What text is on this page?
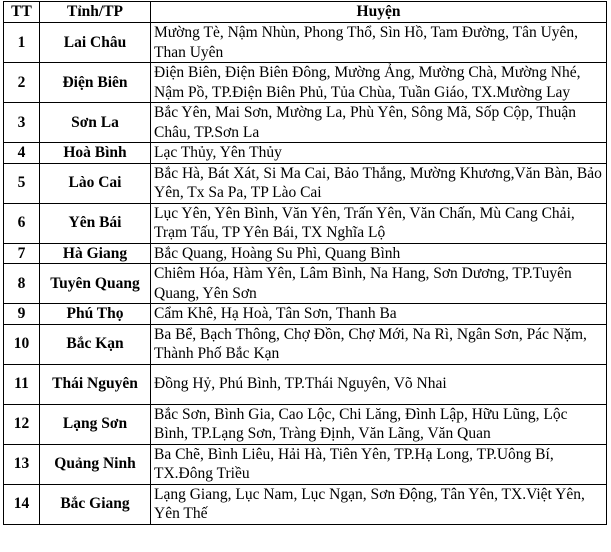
TT	Tỉnh/TP	Huyện
1	Lai Châu	Mường Tè, Nậm Nhùn, Phong Thổ, Sìn Hồ, Tam Đường, Tân Uyên, Than Uyên
2	Điện Biên	Điện Biên, Điện Biên Đông, Mường Ảng, Mường Chà, Mường Nhé, Nậm Pồ, TP.Điện Biên Phủ, Tủa Chùa, Tuần Giáo, TX.Mường Lay
3	Sơn La	Bắc Yên, Mai Sơn, Mường La, Phù Yên, Sông Mã, Sốp Cộp, Thuận Châu, TP.Sơn La
4	Hoà Bình	Lạc Thủy, Yên Thủy
5	Lào Cai	Bắc Hà, Bát Xát, Si Ma Cai, Bảo Thắng, Mường Khương,Văn Bàn, Bảo Yên, Tx Sa Pa, TP Lào Cai
6	Yên Bái	Lục Yên, Yên Bình, Văn Yên, Trấn Yên, Văn Chấn, Mù Cang Chải, Trạm Tấu, TP Yên Bái, TX Nghĩa Lộ
7	Hà Giang	Bắc Quang, Hoàng Su Phì, Quang Bình
8	Tuyên Quang	Chiêm Hóa, Hàm Yên, Lâm Bình, Na Hang, Sơn Dương, TP.Tuyên Quang, Yên Sơn
9	Phú Thọ	Cẩm Khê, Hạ Hoà, Tân Sơn, Thanh Ba
10	Bắc Kạn	Ba Bể, Bạch Thông, Chợ Đồn, Chợ Mới, Na Rì, Ngân Sơn, Pác Nặm, Thành Phố Bắc Kạn
11	Thái Nguyên	Đồng Hỷ, Phú Bình, TP.Thái Nguyên, Võ Nhai
12	Lạng Sơn	Bắc Sơn, Bình Gia, Cao Lộc, Chi Lăng, Đình Lập, Hữu Lũng, Lộc Bình, TP.Lạng Sơn, Tràng Định, Văn Lãng, Văn Quan
13	Quảng Ninh	Ba Chẽ, Bình Liêu, Hải Hà, Tiên Yên, TP.Hạ Long, TP.Uông Bí, TX.Đông Triều
14	Bắc Giang	Lạng Giang, Lục Nam, Lục Ngạn, Sơn Động, Tân Yên, TX.Việt Yên, Yên Thế
